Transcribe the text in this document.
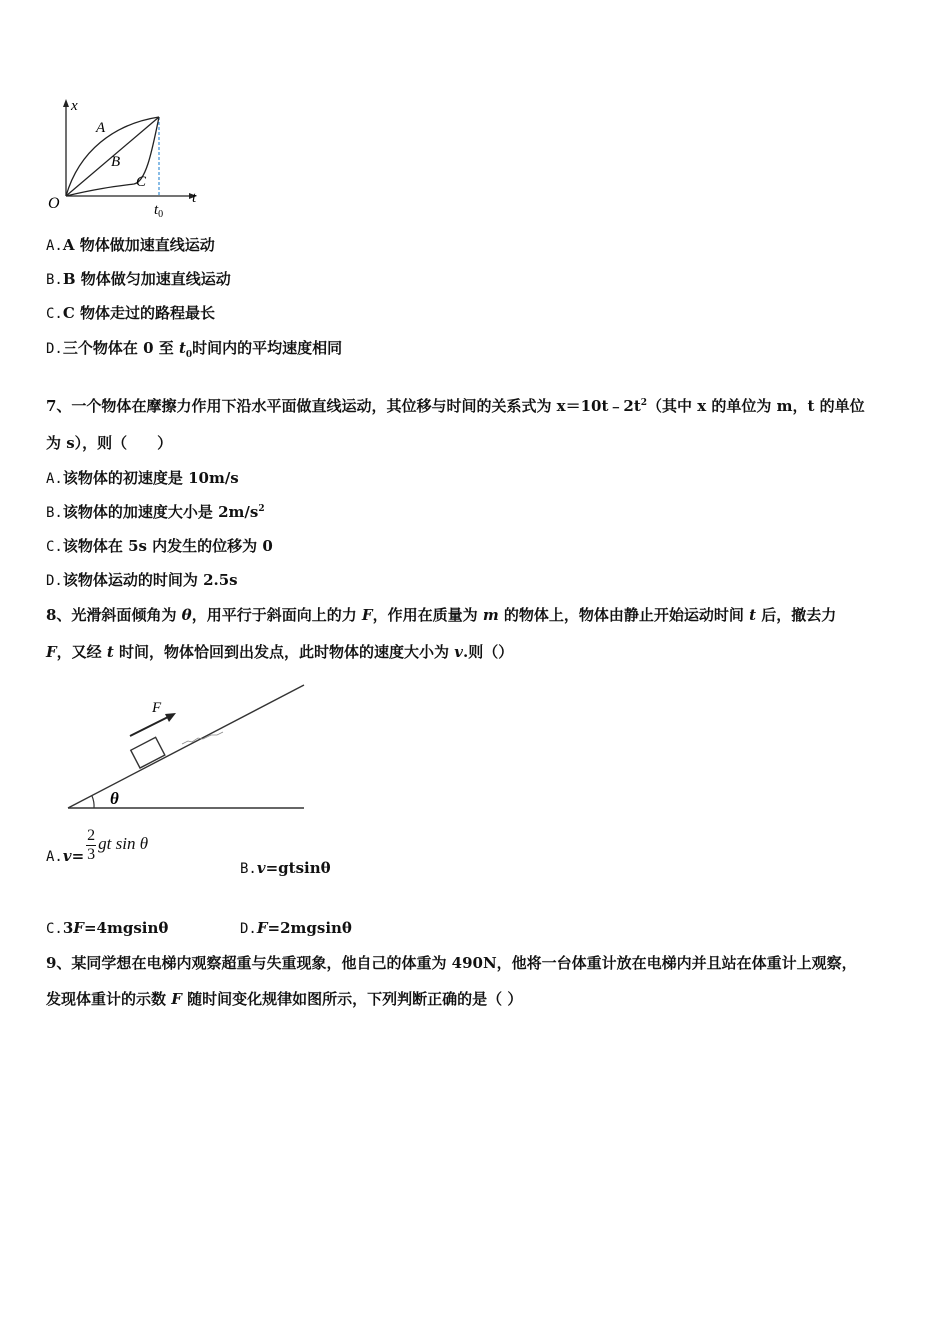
x
t
O
A
B
C
$t_0$
A.A 物体做加速直线运动
B.B 物体做匀加速直线运动
C.C 物体走过的路程最长
D.三个物体在 0 至 $t_0$时间内的平均速度相同
7、一个物体在摩擦力作用下沿水平面做直线运动，其位移与时间的关系式为 $x=10t﹣2t^2$（其中 x 的单位为 m，t 的单位
为 s），则（　　）
A.该物体的初速度是 10m/s
B.该物体的加速度大小是 $2m/s^2$
C.该物体在 5s 内发生的位移为 0
D.该物体运动的时间为 2.5s
8、光滑斜面倾角为 θ，用平行于斜面向上的力 F，作用在质量为 m 的物体上，物体由静止开始运动时间 t 后，撤去力
F，又经 t 时间，物体恰回到出发点，此时物体的速度大小为 v.则（）
θ
F
$A.v= \frac{2}{3}$ gt sin θ
B.v=gtsinθ
C.3F=4mgsinθ	D.F=2mgsinθ
9、某同学想在电梯内观察超重与失重现象，他自己的体重为 490N，他将一台体重计放在电梯内并且站在体重计上观察，
发现体重计的示数 F 随时间变化规律如图所示，下列判断正确的是（ ）
